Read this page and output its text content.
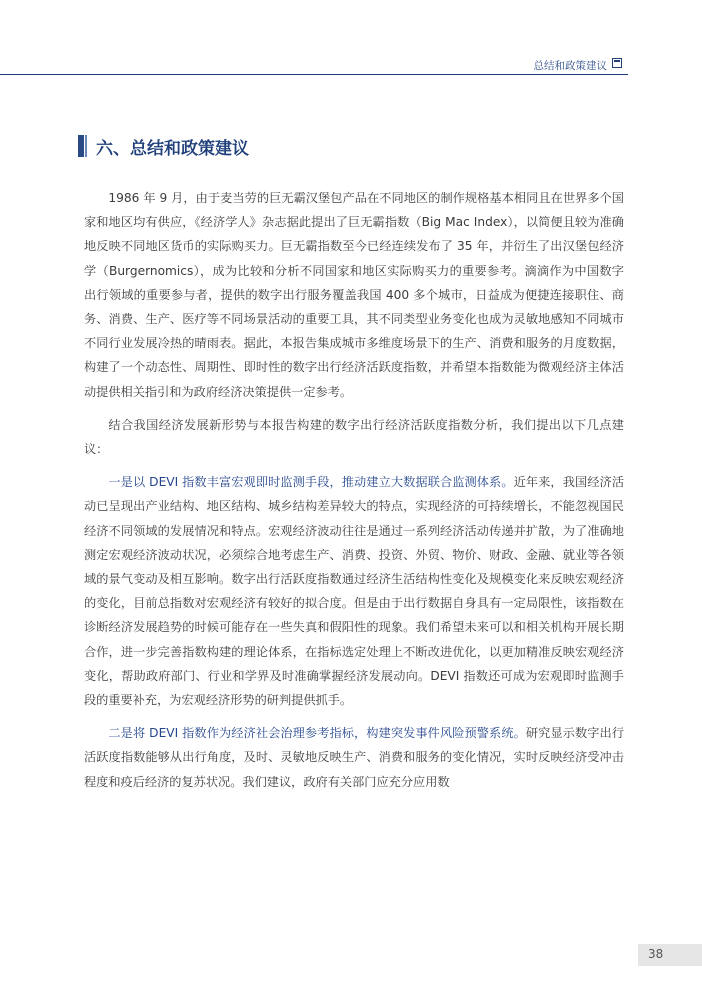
总结和政策建议
六、总结和政策建议

1986 年 9 月，由于麦当劳的巨无霸汉堡包产品在不同地区的制作规格基本相同且在世界多个国家和地区均有供应，《经济学人》杂志据此提出了巨无霸指数（Big Mac Index），以简便且较为准确地反映不同地区货币的实际购买力。巨无霸指数至今已经连续发布了 35 年，并衍生了出汉堡包经济学（Burgernomics），成为比较和分析不同国家和地区实际购买力的重要参考。滴滴作为中国数字出行领域的重要参与者，提供的数字出行服务覆盖我国 400 多个城市，日益成为便捷连接职住、商务、消费、生产、医疗等不同场景活动的重要工具，其不同类型业务变化也成为灵敏地感知不同城市不同行业发展冷热的晴雨表。据此，本报告集成城市多维度场景下的生产、消费和服务的月度数据，构建了一个动态性、周期性、即时性的数字出行经济活跃度指数，并希望本指数能为微观经济主体活动提供相关指引和为政府经济决策提供一定参考。

结合我国经济发展新形势与本报告构建的数字出行经济活跃度指数分析，我们提出以下几点建议：

一是以 DEVI 指数丰富宏观即时监测手段，推动建立大数据联合监测体系。近年来，我国经济活动已呈现出产业结构、地区结构、城乡结构差异较大的特点，实现经济的可持续增长，不能忽视国民经济不同领域的发展情况和特点。宏观经济波动往往是通过一系列经济活动传递并扩散，为了准确地测定宏观经济波动状况，必须综合地考虑生产、消费、投资、外贸、物价、财政、金融、就业等各领域的景气变动及相互影响。数字出行活跃度指数通过经济生活结构性变化及规模变化来反映宏观经济的变化，目前总指数对宏观经济有较好的拟合度。但是由于出行数据自身具有一定局限性，该指数在诊断经济发展趋势的时候可能存在一些失真和假阳性的现象。我们希望未来可以和相关机构开展长期合作，进一步完善指数构建的理论体系，在指标选定处理上不断改进优化，以更加精准反映宏观经济变化，帮助政府部门、行业和学界及时准确掌握经济发展动向。DEVI 指数还可成为宏观即时监测手段的重要补充，为宏观经济形势的研判提供抓手。

二是将 DEVI 指数作为经济社会治理参考指标，构建突发事件风险预警系统。研究显示数字出行活跃度指数能够从出行角度，及时、灵敏地反映生产、消费和服务的变化情况，实时反映经济受冲击程度和疫后经济的复苏状况。我们建议，政府有关部门应充分应用数

38
